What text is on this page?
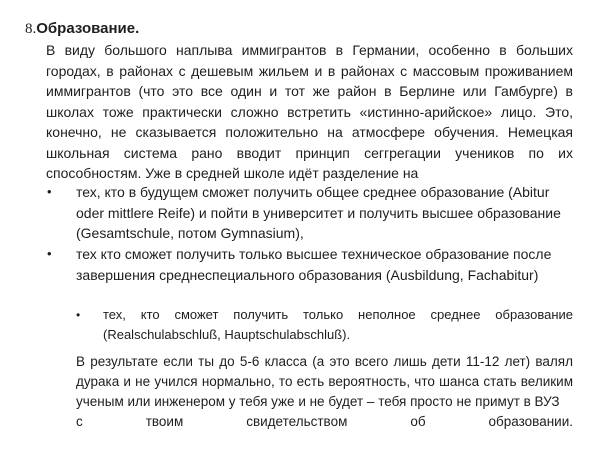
8.Образование.

В виду большого наплыва иммигрантов в Германии, особенно в больших городах, в районах с дешевым жильем и в районах с массовым проживанием иммигрантов (что это все один и тот же район в Берлине или Гамбурге) в школах тоже практически сложно встретить «истинно-арийское» лицо. Это, конечно, не сказывается положительно на атмосфере обучения. Немецкая школьная система рано вводит принцип сеггрегации учеников по их способностям. Уже в средней школе идёт разделение на

• тех, кто в будущем сможет получить общее среднее образование (Abitur oder mittlere Reife) и пойти в университет и получить высшее образование (Gesamtschule, потом Gymnasium),
• тех кто сможет получить только высшее техническое образование после завершения среднеспециального образования (Ausbildung, Fachabitur)
• тех, кто сможет получить только неполное среднее образование (Realschulabschluß, Hauptschulabschluß).
В результате если ты до 5-6 класса (а это всего лишь дети 11-12 лет) валял дурака и не учился нормально, то есть вероятность, что шанса стать великим ученым или инженером у тебя уже и не будет – тебя просто не примут в ВУЗ
с твоим свидетельством об образовании.
